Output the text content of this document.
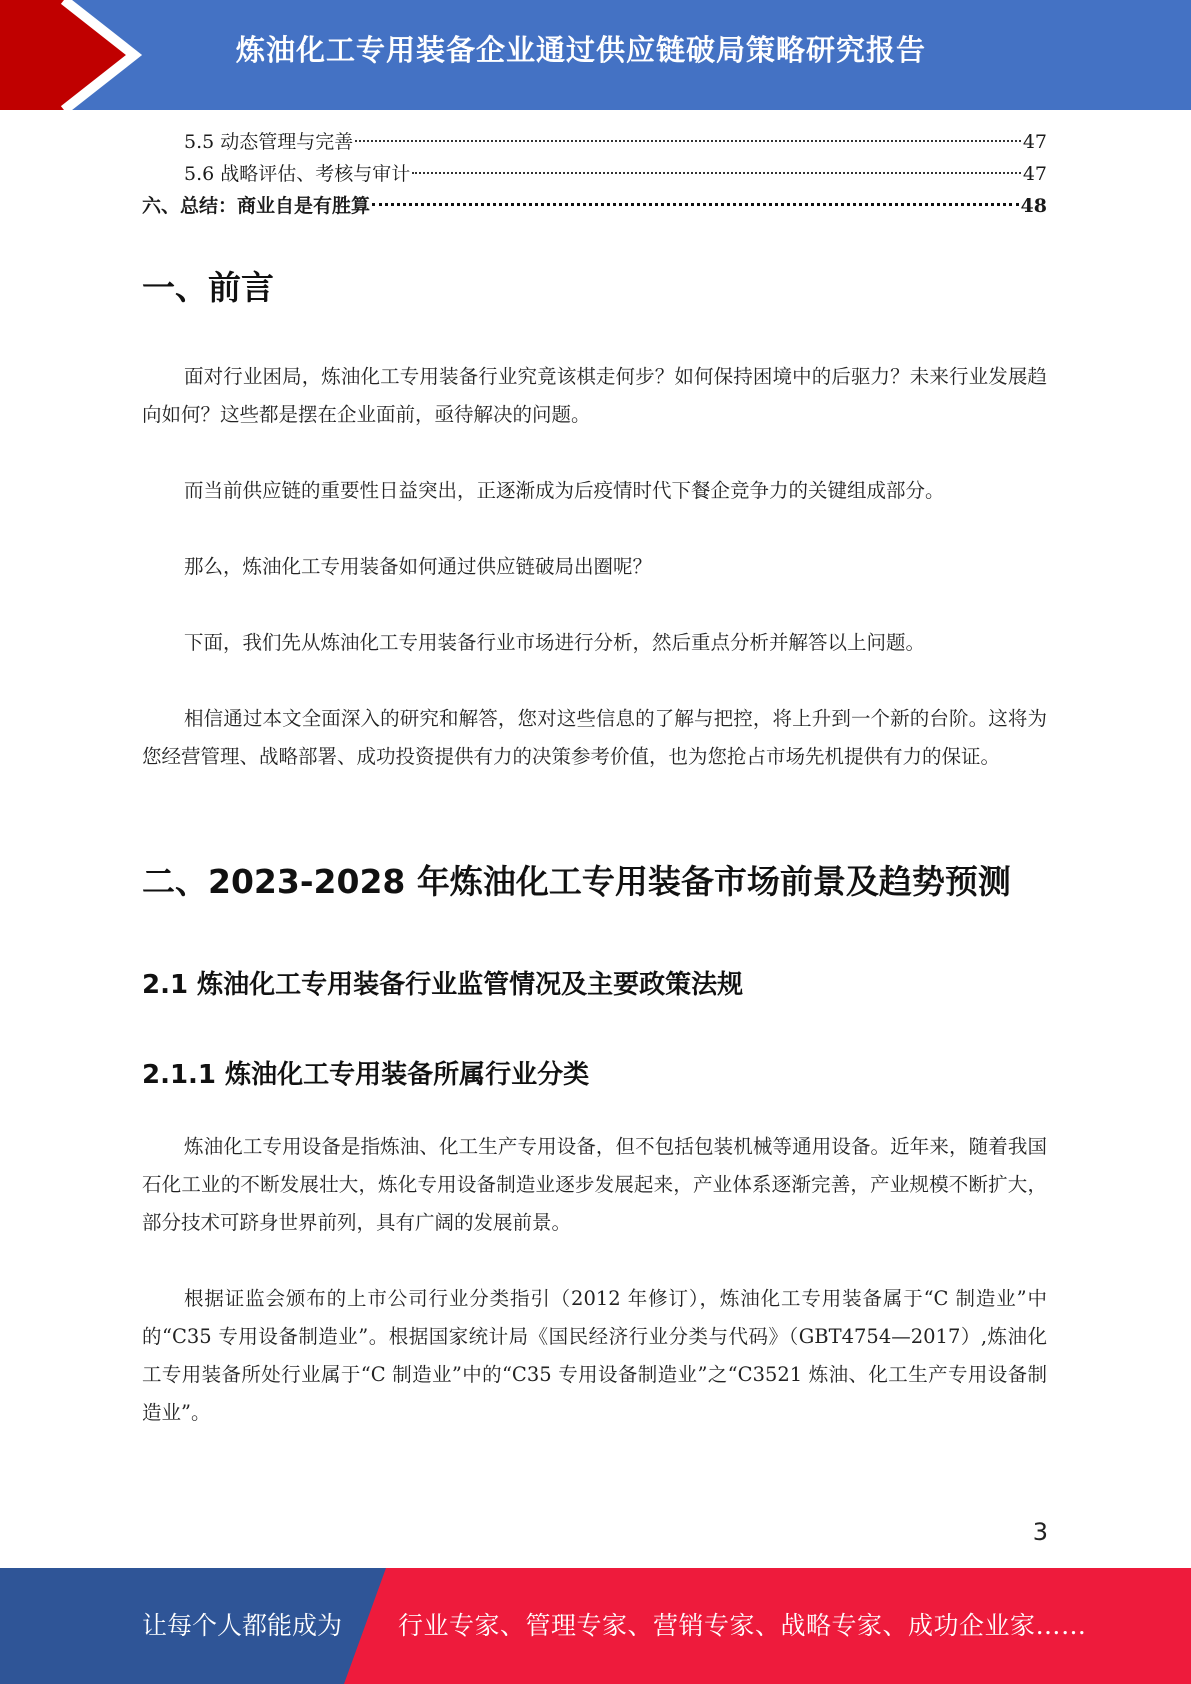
炼油化工专用装备企业通过供应链破局策略研究报告
5.5 动态管理与完善	47
5.6 战略评估、考核与审计	47
六、总结：商业自是有胜算	48
一、前言

面对行业困局，炼油化工专用装备行业究竟该棋走何步？如何保持困境中的后驱力？未来行业发展趋向如何？这些都是摆在企业面前，亟待解决的问题。

而当前供应链的重要性日益突出，正逐渐成为后疫情时代下餐企竞争力的关键组成部分。

那么，炼油化工专用装备如何通过供应链破局出圈呢？

下面，我们先从炼油化工专用装备行业市场进行分析，然后重点分析并解答以上问题。

相信通过本文全面深入的研究和解答，您对这些信息的了解与把控，将上升到一个新的台阶。这将为您经营管理、战略部署、成功投资提供有力的决策参考价值，也为您抢占市场先机提供有力的保证。

二、2023-2028 年炼油化工专用装备市场前景及趋势预测
2.1 炼油化工专用装备行业监管情况及主要政策法规
2.1.1 炼油化工专用装备所属行业分类

炼油化工专用设备是指炼油、化工生产专用设备，但不包括包装机械等通用设备。近年来，随着我国石化工业的不断发展壮大，炼化专用设备制造业逐步发展起来，产业体系逐渐完善，产业规模不断扩大，部分技术可跻身世界前列，具有广阔的发展前景。

根据证监会颁布的上市公司行业分类指引（2012 年修订），炼油化工专用装备属于“C 制造业”中的“C35 专用设备制造业”。根据国家统计局《国民经济行业分类与代码》（GBT4754—2017）,炼油化工专用装备所处行业属于“C 制造业”中的“C35 专用设备制造业”之“C3521 炼油、化工生产专用设备制造业”。

3
让每个人都能成为 行业专家、管理专家、营销专家、战略专家、成功企业家……
